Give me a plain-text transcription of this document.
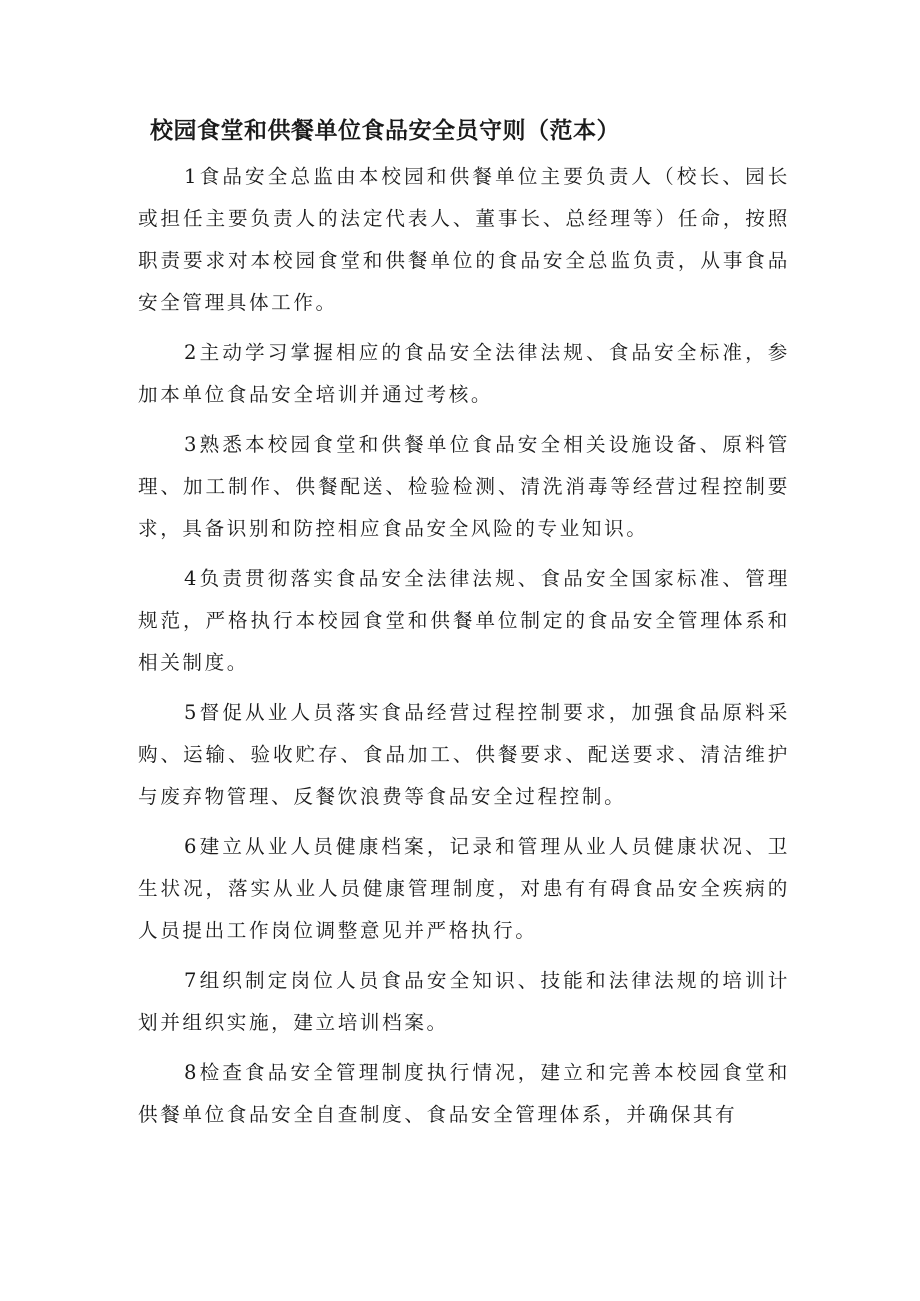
校园食堂和供餐单位食品安全员守则（范本）

1食品安全总监由本校园和供餐单位主要负责人（校长、园长或担任主要负责人的法定代表人、董事长、总经理等）任命，按照职责要求对本校园食堂和供餐单位的食品安全总监负责，从事食品安全管理具体工作。

2主动学习掌握相应的食品安全法律法规、食品安全标准，参加本单位食品安全培训并通过考核。

3熟悉本校园食堂和供餐单位食品安全相关设施设备、原料管理、加工制作、供餐配送、检验检测、清洗消毒等经营过程控制要求，具备识别和防控相应食品安全风险的专业知识。

4负责贯彻落实食品安全法律法规、食品安全国家标准、管理规范，严格执行本校园食堂和供餐单位制定的食品安全管理体系和相关制度。

5督促从业人员落实食品经营过程控制要求，加强食品原料采购、运输、验收贮存、食品加工、供餐要求、配送要求、清洁维护与废弃物管理、反餐饮浪费等食品安全过程控制。

6建立从业人员健康档案，记录和管理从业人员健康状况、卫生状况，落实从业人员健康管理制度，对患有有碍食品安全疾病的人员提出工作岗位调整意见并严格执行。

7组织制定岗位人员食品安全知识、技能和法律法规的培训计划并组织实施，建立培训档案。

8检查食品安全管理制度执行情况，建立和完善本校园食堂和供餐单位食品安全自查制度、食品安全管理体系，并确保其有
